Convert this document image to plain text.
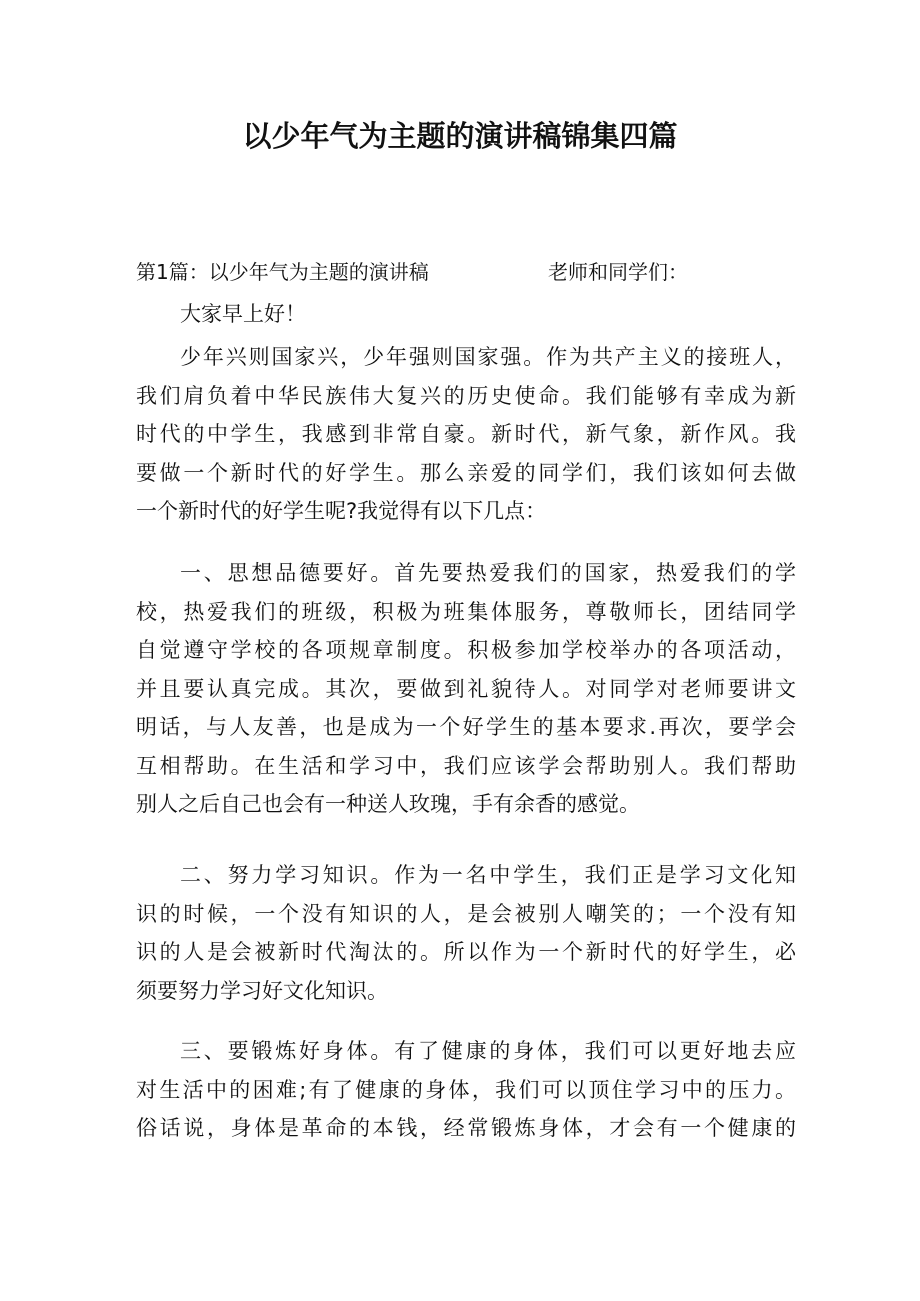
以少年气为主题的演讲稿锦集四篇
第1篇：以少年气为主题的演讲稿	老师和同学们：
大家早上好！
少年兴则国家兴，少年强则国家强。作为共产主义的接班人，
我们肩负着中华民族伟大复兴的历史使命。我们能够有幸成为新
时代的中学生，我感到非常自豪。新时代，新气象，新作风。我
要做一个新时代的好学生。那么亲爱的同学们，我们该如何去做
一个新时代的好学生呢?我觉得有以下几点：
一、思想品德要好。首先要热爱我们的国家，热爱我们的学
校，热爱我们的班级，积极为班集体服务，尊敬师长，团结同学
自觉遵守学校的各项规章制度。积极参加学校举办的各项活动，
并且要认真完成。其次，要做到礼貌待人。对同学对老师要讲文
明话，与人友善，也是成为一个好学生的基本要求.再次，要学会
互相帮助。在生活和学习中，我们应该学会帮助别人。我们帮助
别人之后自己也会有一种送人玫瑰，手有余香的感觉。
二、努力学习知识。作为一名中学生，我们正是学习文化知
识的时候，一个没有知识的人，是会被别人嘲笑的；一个没有知
识的人是会被新时代淘汰的。所以作为一个新时代的好学生，必
须要努力学习好文化知识。
三、要锻炼好身体。有了健康的身体，我们可以更好地去应
对生活中的困难;有了健康的身体，我们可以顶住学习中的压力。
俗话说，身体是革命的本钱，经常锻炼身体，才会有一个健康的
